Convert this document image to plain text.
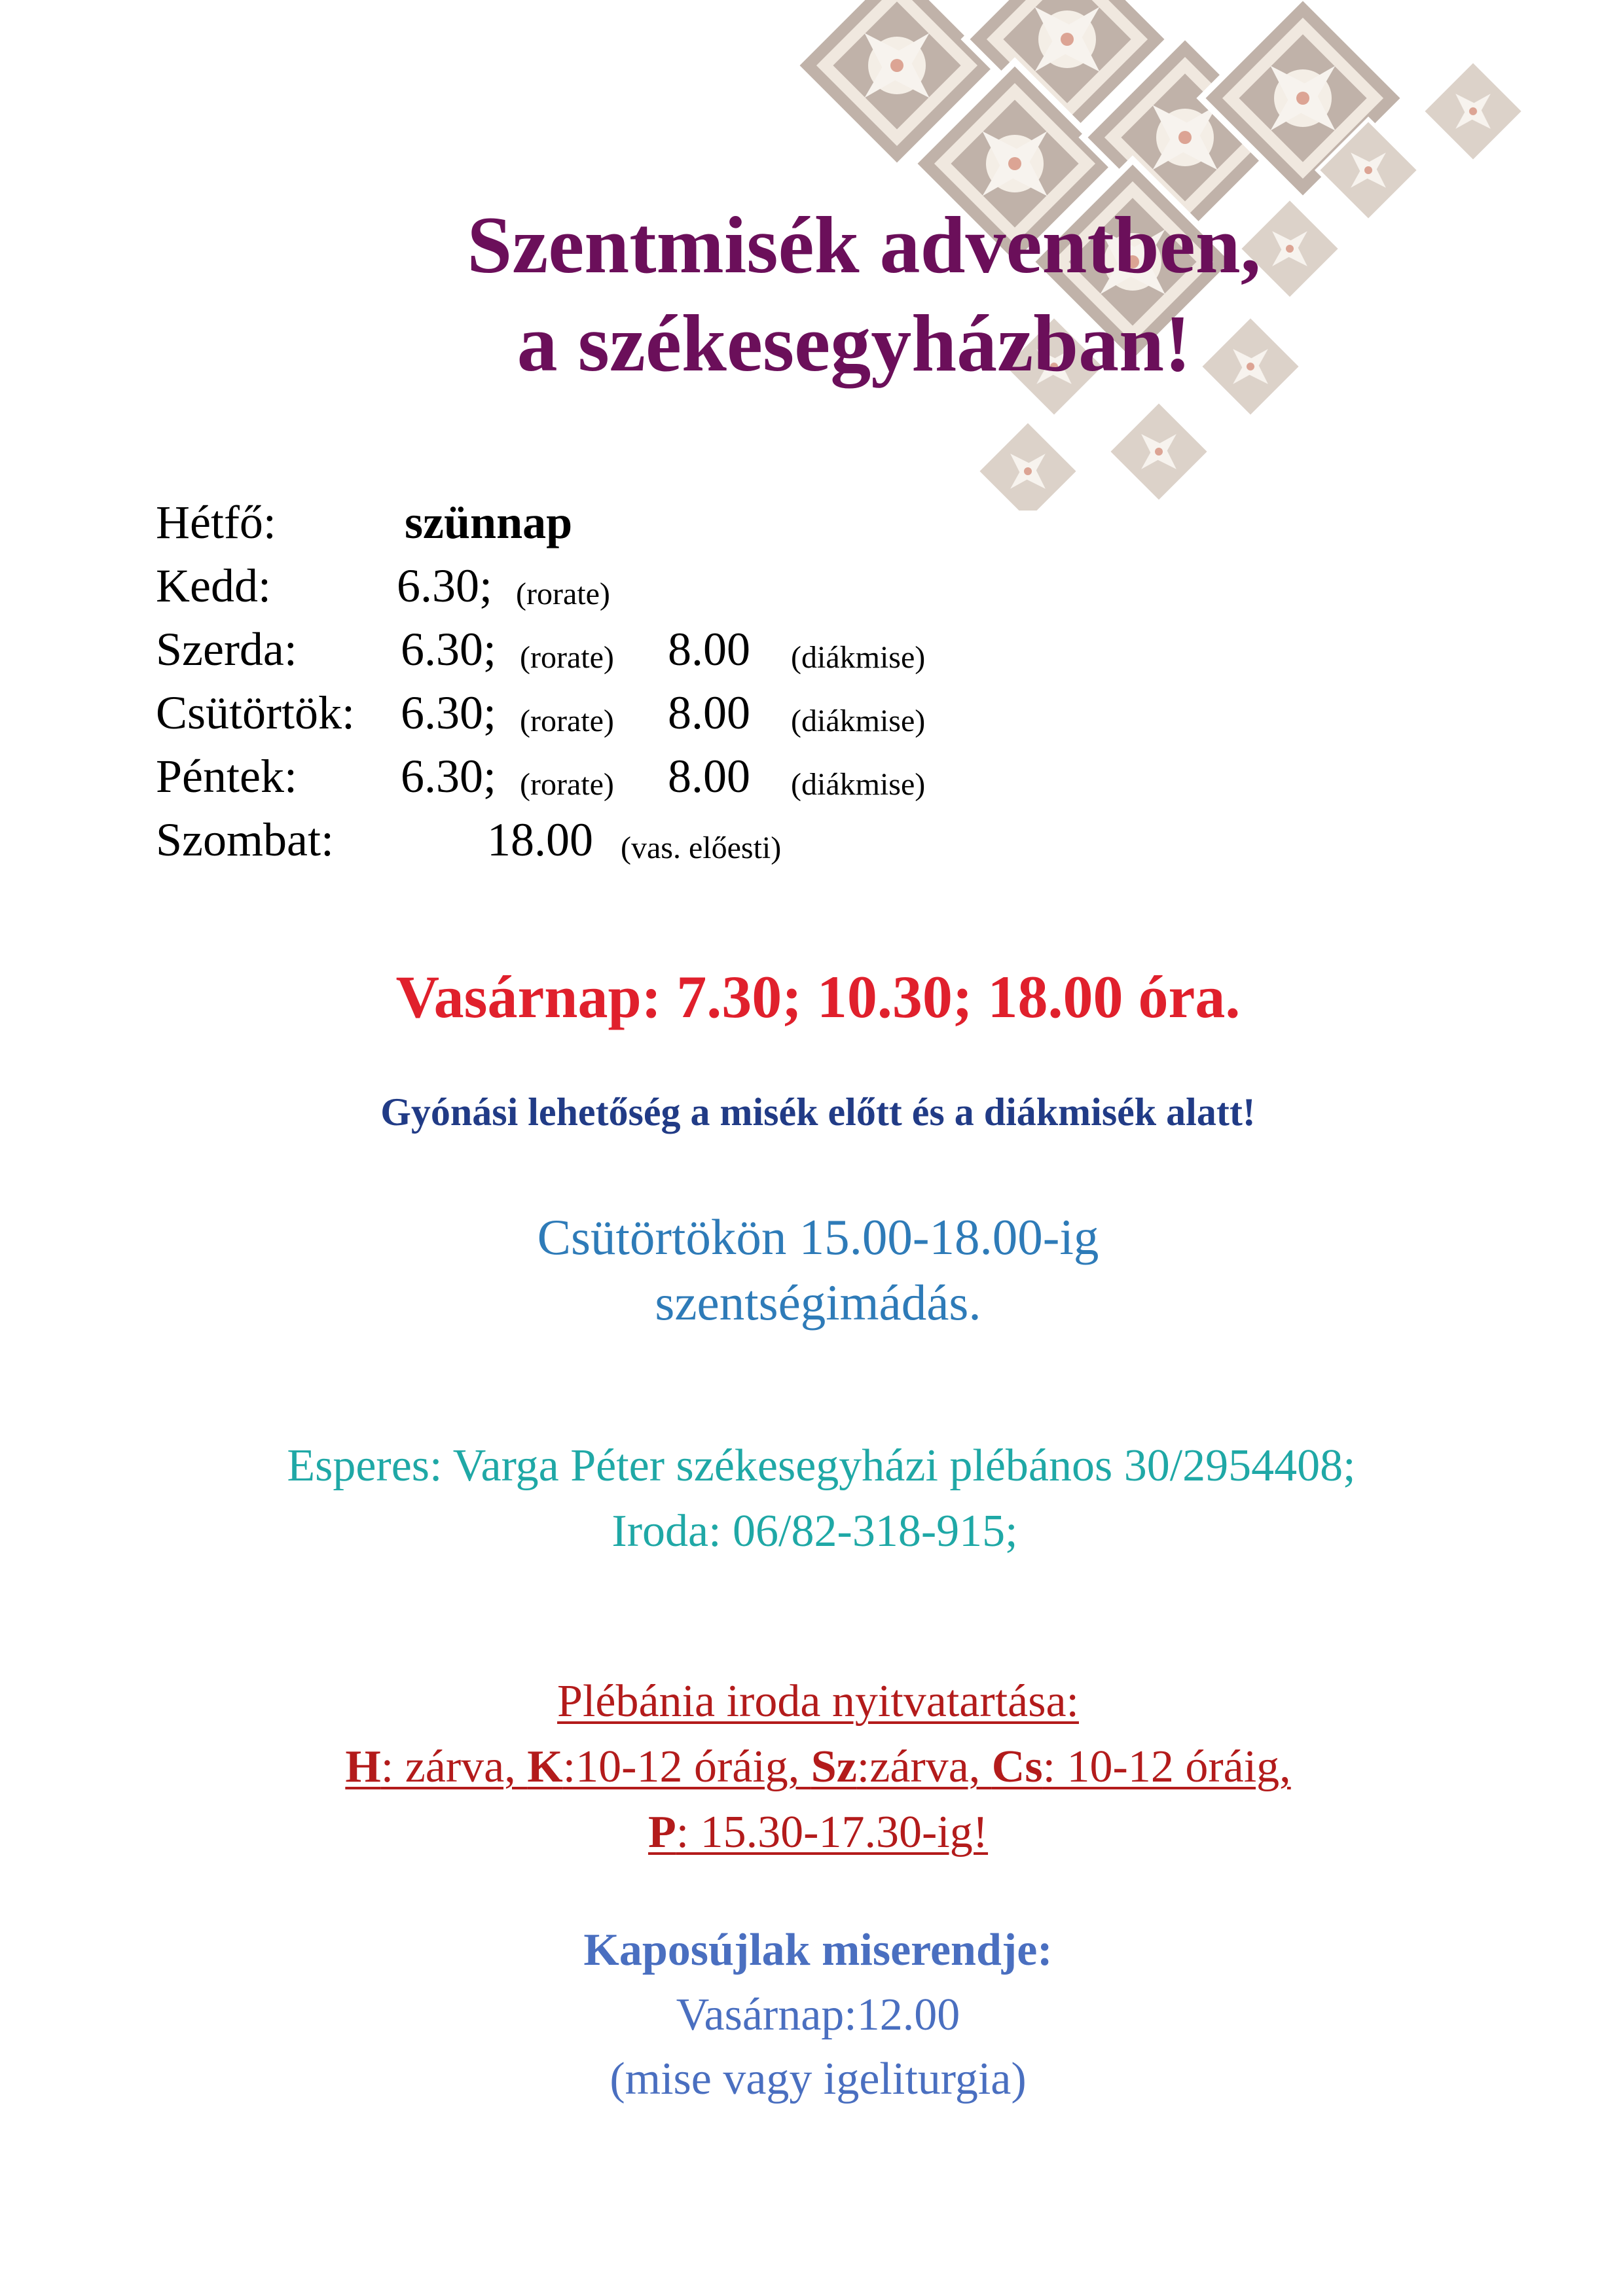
Szentmisék adventben,
a székesegyházban!
Hétfő:	szünnap
Kedd:	6.30; (rorate)
Szerda: 6.30; (rorate) 8.00 (diákmise)
Csütörtök: 6.30; (rorate) 8.00 (diákmise)
Péntek: 6.30; (rorate) 8.00 (diákmise)
Szombat:	18.00 (vas. előesti)
Vasárnap: 7.30; 10.30; 18.00 óra.
Gyónási lehetőség a misék előtt és a diákmisék alatt!
Csütörtökön 15.00-18.00-ig
szentségimádás.
Esperes: Varga Péter székesegyházi plébános 30/2954408;
Iroda: 06/82-318-915;
Plébánia iroda nyitvatartása:
H: zárva, K:10-12 óráig, Sz:zárva, Cs: 10-12 óráig,
P: 15.30-17.30-ig!
Kaposújlak miserendje:
Vasárnap:12.00
(mise vagy igeliturgia)
